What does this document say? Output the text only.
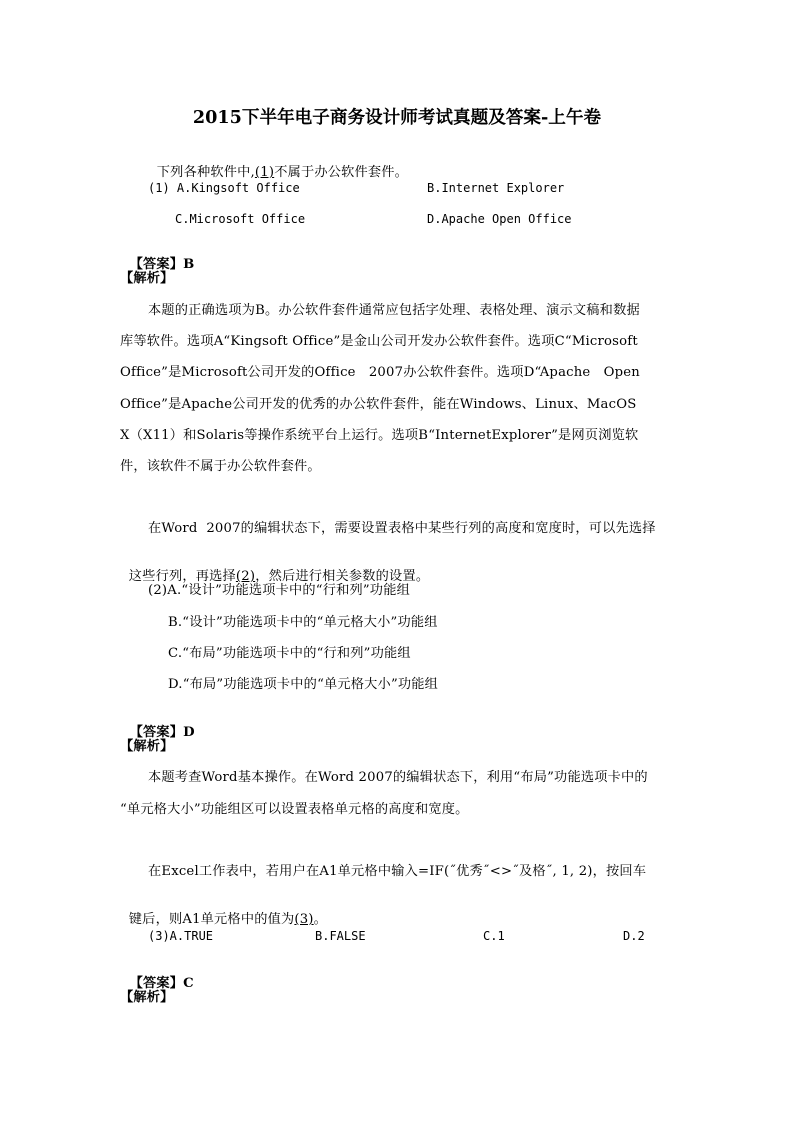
2015下半年电子商务设计师考试真题及答案-上午卷

下列各种软件中,(1)不属于办公软件套件。

(1) A.Kingsoft Office	B.Internet Explorer
C.Microsoft Office	D.Apache Open Office

【答案】B

【解析】
本题的正确选项为B。办公软件套件通常应包括字处理、表格处理、演示文稿和数据
库等软件。选项A“Kingsoft Office”是金山公司开发办公软件套件。选项C“Microsoft
Office”是Microsoft公司开发的Office   2007办公软件套件。选项D“Apache   Open
Office”是Apache公司开发的优秀的办公软件套件，能在Windows、Linux、MacOS
X（X11）和Solaris等操作系统平台上运行。选项B“InternetExplorer”是网页浏览软
件，该软件不属于办公软件套件。
在Word  2007的编辑状态下，需要设置表格中某些行列的高度和宽度时，可以先选择

这些行列，再选择(2)，然后进行相关参数的设置。

(2)A.“设计”功能选项卡中的“行和列”功能组
B.“设计”功能选项卡中的“单元格大小”功能组
C.“布局”功能选项卡中的“行和列”功能组
D.“布局”功能选项卡中的“单元格大小”功能组

【答案】D

【解析】
本题考查Word基本操作。在Word 2007的编辑状态下，利用“布局”功能选项卡中的
“单元格大小”功能组区可以设置表格单元格的高度和宽度。
在Excel工作表中，若用户在A1单元格中输入=IF(˝优秀˝<>˝及格˝, 1, 2)，按回车

键后，则A1单元格中的值为(3)。

(3)A.TRUE	B.FALSE	C.1	D.2

【答案】C

【解析】
